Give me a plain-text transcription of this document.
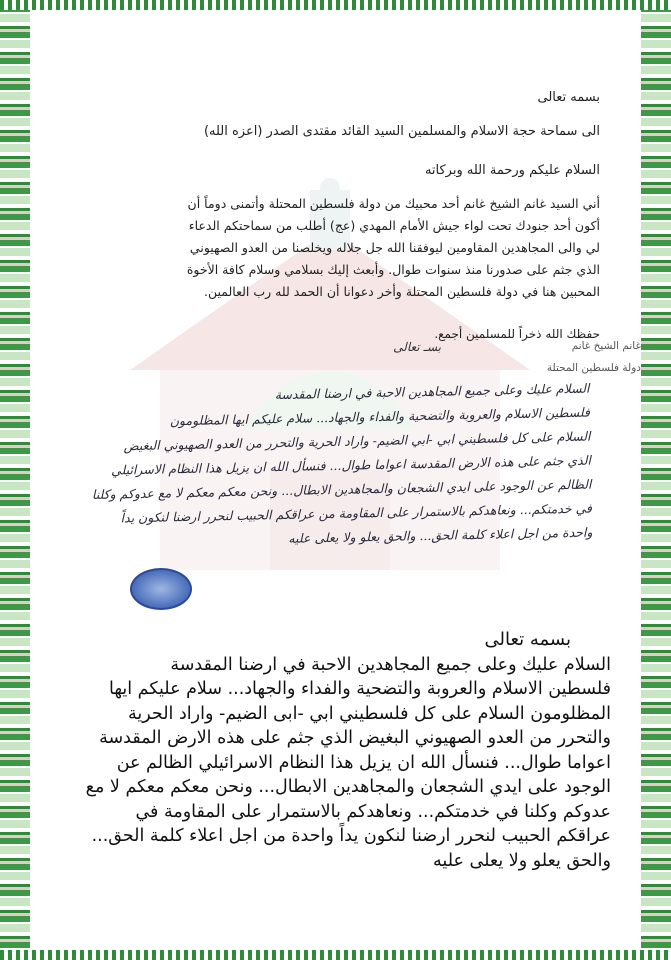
بسمه تعالى

الى سماحة حجة الاسلام والمسلمين السيد القائد مقتدى الصدر (اعزه الله)

السلام عليكم ورحمة الله وبركاته

أني السيد غانم الشيخ غانم أحد محبيك من دولة فلسطين المحتلة وأتمنى دوماً أن

أكون أحد جنودك تحت لواء جيش الأمام المهدي (عج) أطلب من سماحتكم الدعاء

لي والى المجاهدين المقاومين ليوفقنا الله جل جلاله ويخلصنا من العدو الصهيوني

الذي جثم على صدورنا منذ سنوات طوال. وأبعث إليك بسلامي وسلام كافة الأخوة

المحبين هنا في دولة فلسطين المحتلة وأخر دعوانا أن الحمد لله رب العالمين.

حفظك الله ذخراً للمسلمين أجمع.

غانم الشيخ غانم
دولة فلسطين المحتلة
بسـ تعالى
السلام عليك وعلى جميع المجاهدين الاحبة في ارضنا المقدسة
فلسطين الاسلام والعروبة والتضحية والفداء والجهاد... سلام عليكم ايها المظلومون
السلام على كل فلسطيني ابي -ابي الضيم- واراد الحرية والتحرر من العدو الصهيوني البغيض
الذي جثم على هذه الارض المقدسة اعواما طوال... فنسأل الله ان يزيل هذا النظام الاسرائيلي
الظالم عن الوجود على ايدي الشجعان والمجاهدين الابطال... ونحن معكم معكم لا مع عدوكم وكلنا
في خدمتكم... ونعاهدكم بالاستمرار على المقاومة من عراقكم الحبيب لنحرر ارضنا لنكون يداً
واحدة من اجل اعلاء كلمة الحق... والحق يعلو ولا يعلى عليه
بسمه تعالى
السلام عليك وعلى جميع المجاهدين الاحبة في ارضنا المقدسة
فلسطين الاسلام والعروبة والتضحية والفداء والجهاد... سلام عليكم ايها
المظلومون السلام على كل فلسطيني ابي -ابى الضيم- واراد الحرية
والتحرر من العدو الصهيوني البغيض الذي جثم على هذه الارض المقدسة
اعواما طوال... فنسأل الله ان يزيل هذا النظام الاسرائيلي الظالم عن
الوجود على ايدي الشجعان والمجاهدين الابطال... ونحن معكم معكم لا مع
عدوكم وكلنا في خدمتكم... ونعاهدكم بالاستمرار على المقاومة في
عراقكم الحبيب لنحرر ارضنا لنكون يداً واحدة من اجل اعلاء كلمة الحق...
والحق يعلو ولا يعلى عليه
